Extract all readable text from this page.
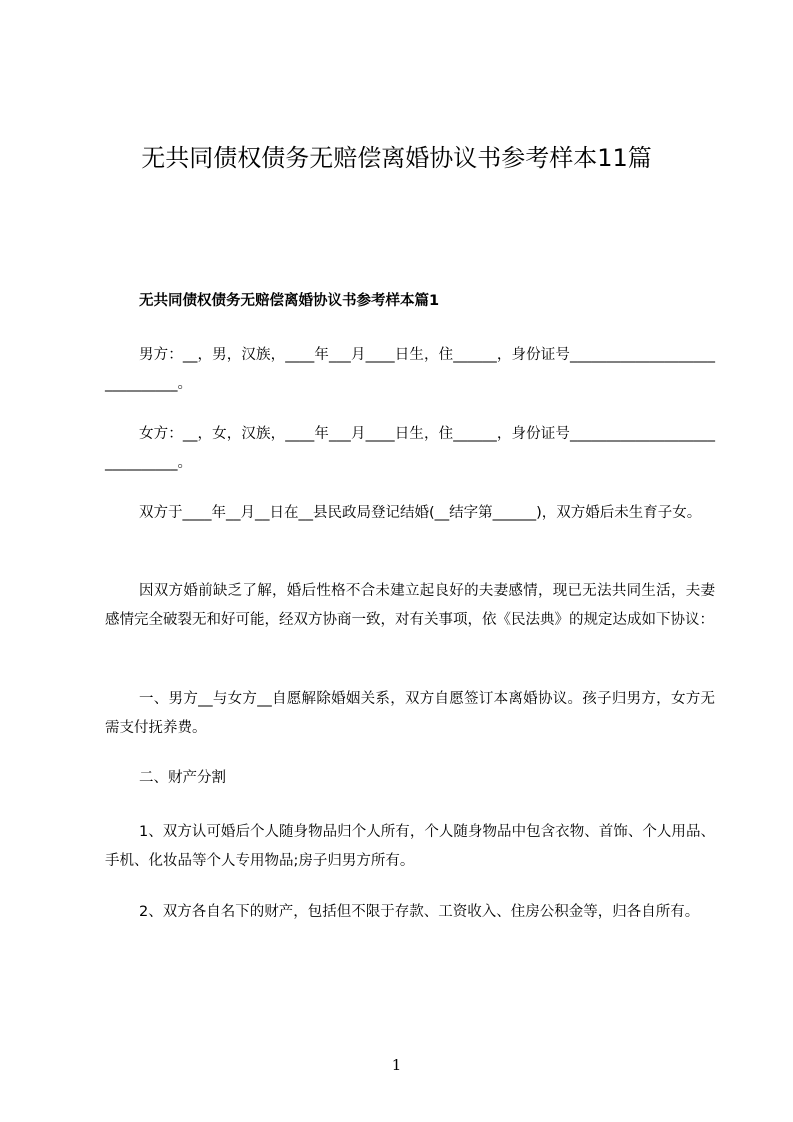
无共同债权债务无赔偿离婚协议书参考样本11篇
无共同债权债务无赔偿离婚协议书参考样本篇1

男方：__，男，汉族，____年___月____日生，住______，身份证号______________________________。

女方：__，女，汉族，____年___月____日生，住______，身份证号______________________________。

双方于____年__月__日在__县民政局登记结婚(__结字第______)，双方婚后未生育子女。

因双方婚前缺乏了解，婚后性格不合未建立起良好的夫妻感情，现已无法共同生活，夫妻感情完全破裂无和好可能，经双方协商一致，对有关事项，依《民法典》的规定达成如下协议：

一、男方__与女方__自愿解除婚姻关系，双方自愿签订本离婚协议。孩子归男方，女方无需支付抚养费。

二、财产分割

1、双方认可婚后个人随身物品归个人所有，个人随身物品中包含衣物、首饰、个人用品、手机、化妆品等个人专用物品;房子归男方所有。

2、双方各自名下的财产，包括但不限于存款、工资收入、住房公积金等，归各自所有。

1
